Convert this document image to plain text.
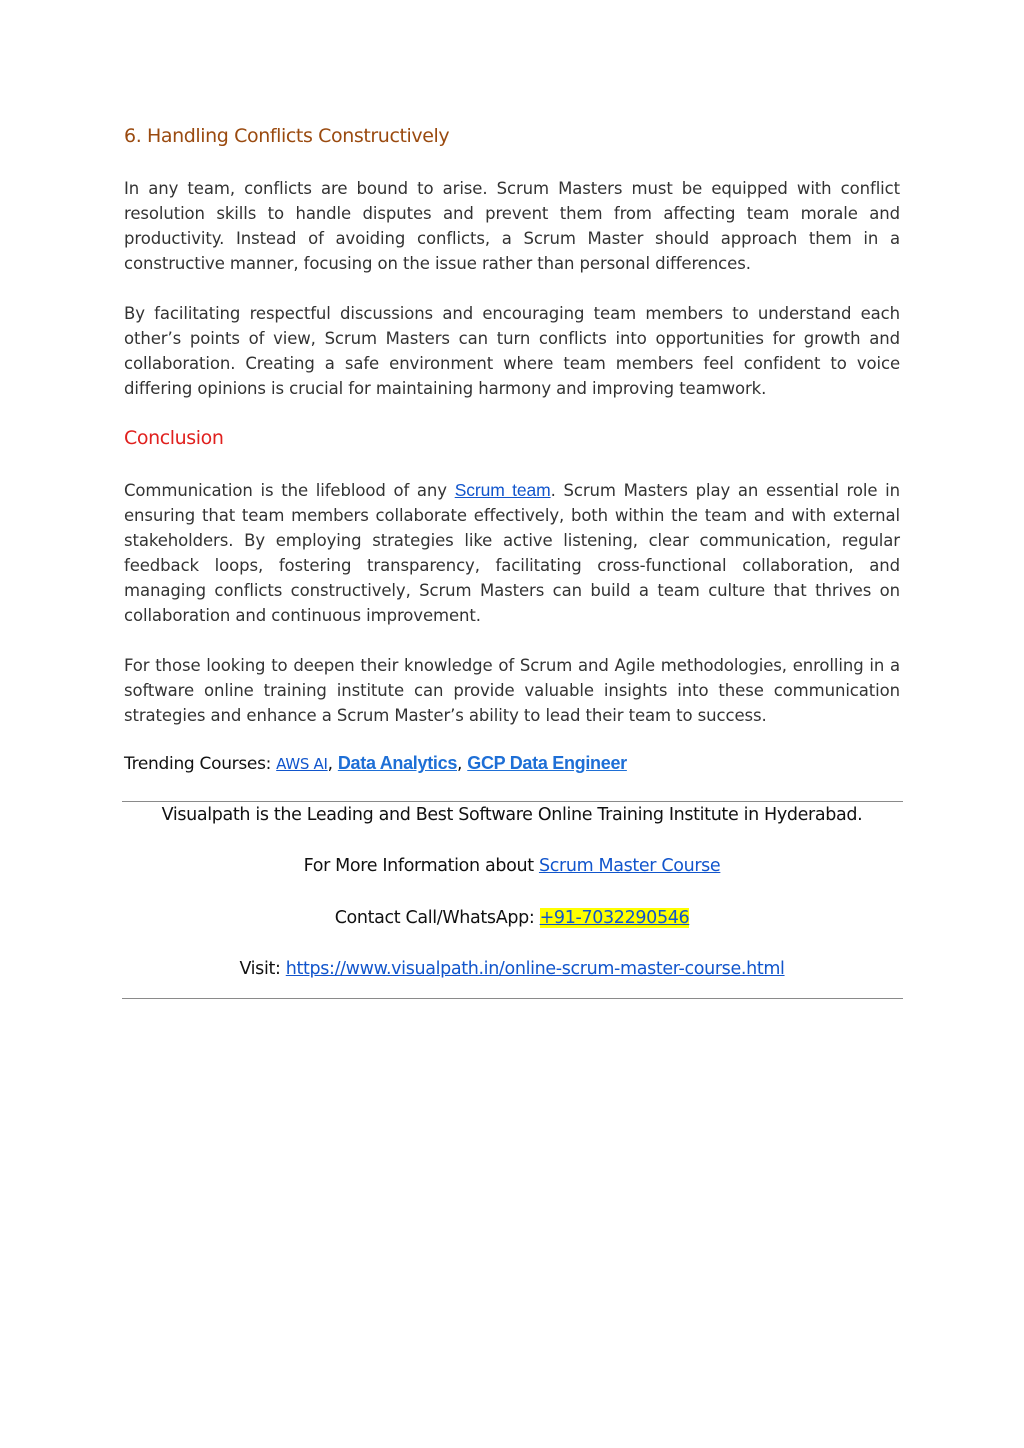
6. Handling Conflicts Constructively

In any team, conflicts are bound to arise. Scrum Masters must be equipped with conflict resolution skills to handle disputes and prevent them from affecting team morale and productivity. Instead of avoiding conflicts, a Scrum Master should approach them in a constructive manner, focusing on the issue rather than personal differences.

By facilitating respectful discussions and encouraging team members to understand each other’s points of view, Scrum Masters can turn conflicts into opportunities for growth and collaboration. Creating a safe environment where team members feel confident to voice differing opinions is crucial for maintaining harmony and improving teamwork.

Conclusion

Communication is the lifeblood of any Scrum team. Scrum Masters play an essential role in ensuring that team members collaborate effectively, both within the team and with external stakeholders. By employing strategies like active listening, clear communication, regular feedback loops, fostering transparency, facilitating cross-functional collaboration, and managing conflicts constructively, Scrum Masters can build a team culture that thrives on collaboration and continuous improvement.

For those looking to deepen their knowledge of Scrum and Agile methodologies, enrolling in a software online training institute can provide valuable insights into these communication strategies and enhance a Scrum Master’s ability to lead their team to success.

Trending Courses: AWS AI, Data Analytics, GCP Data Engineer
Visualpath is the Leading and Best Software Online Training Institute in Hyderabad.
For More Information about Scrum Master Course
Contact Call/WhatsApp: +91-7032290546
Visit: https://www.visualpath.in/online-scrum-master-course.html
